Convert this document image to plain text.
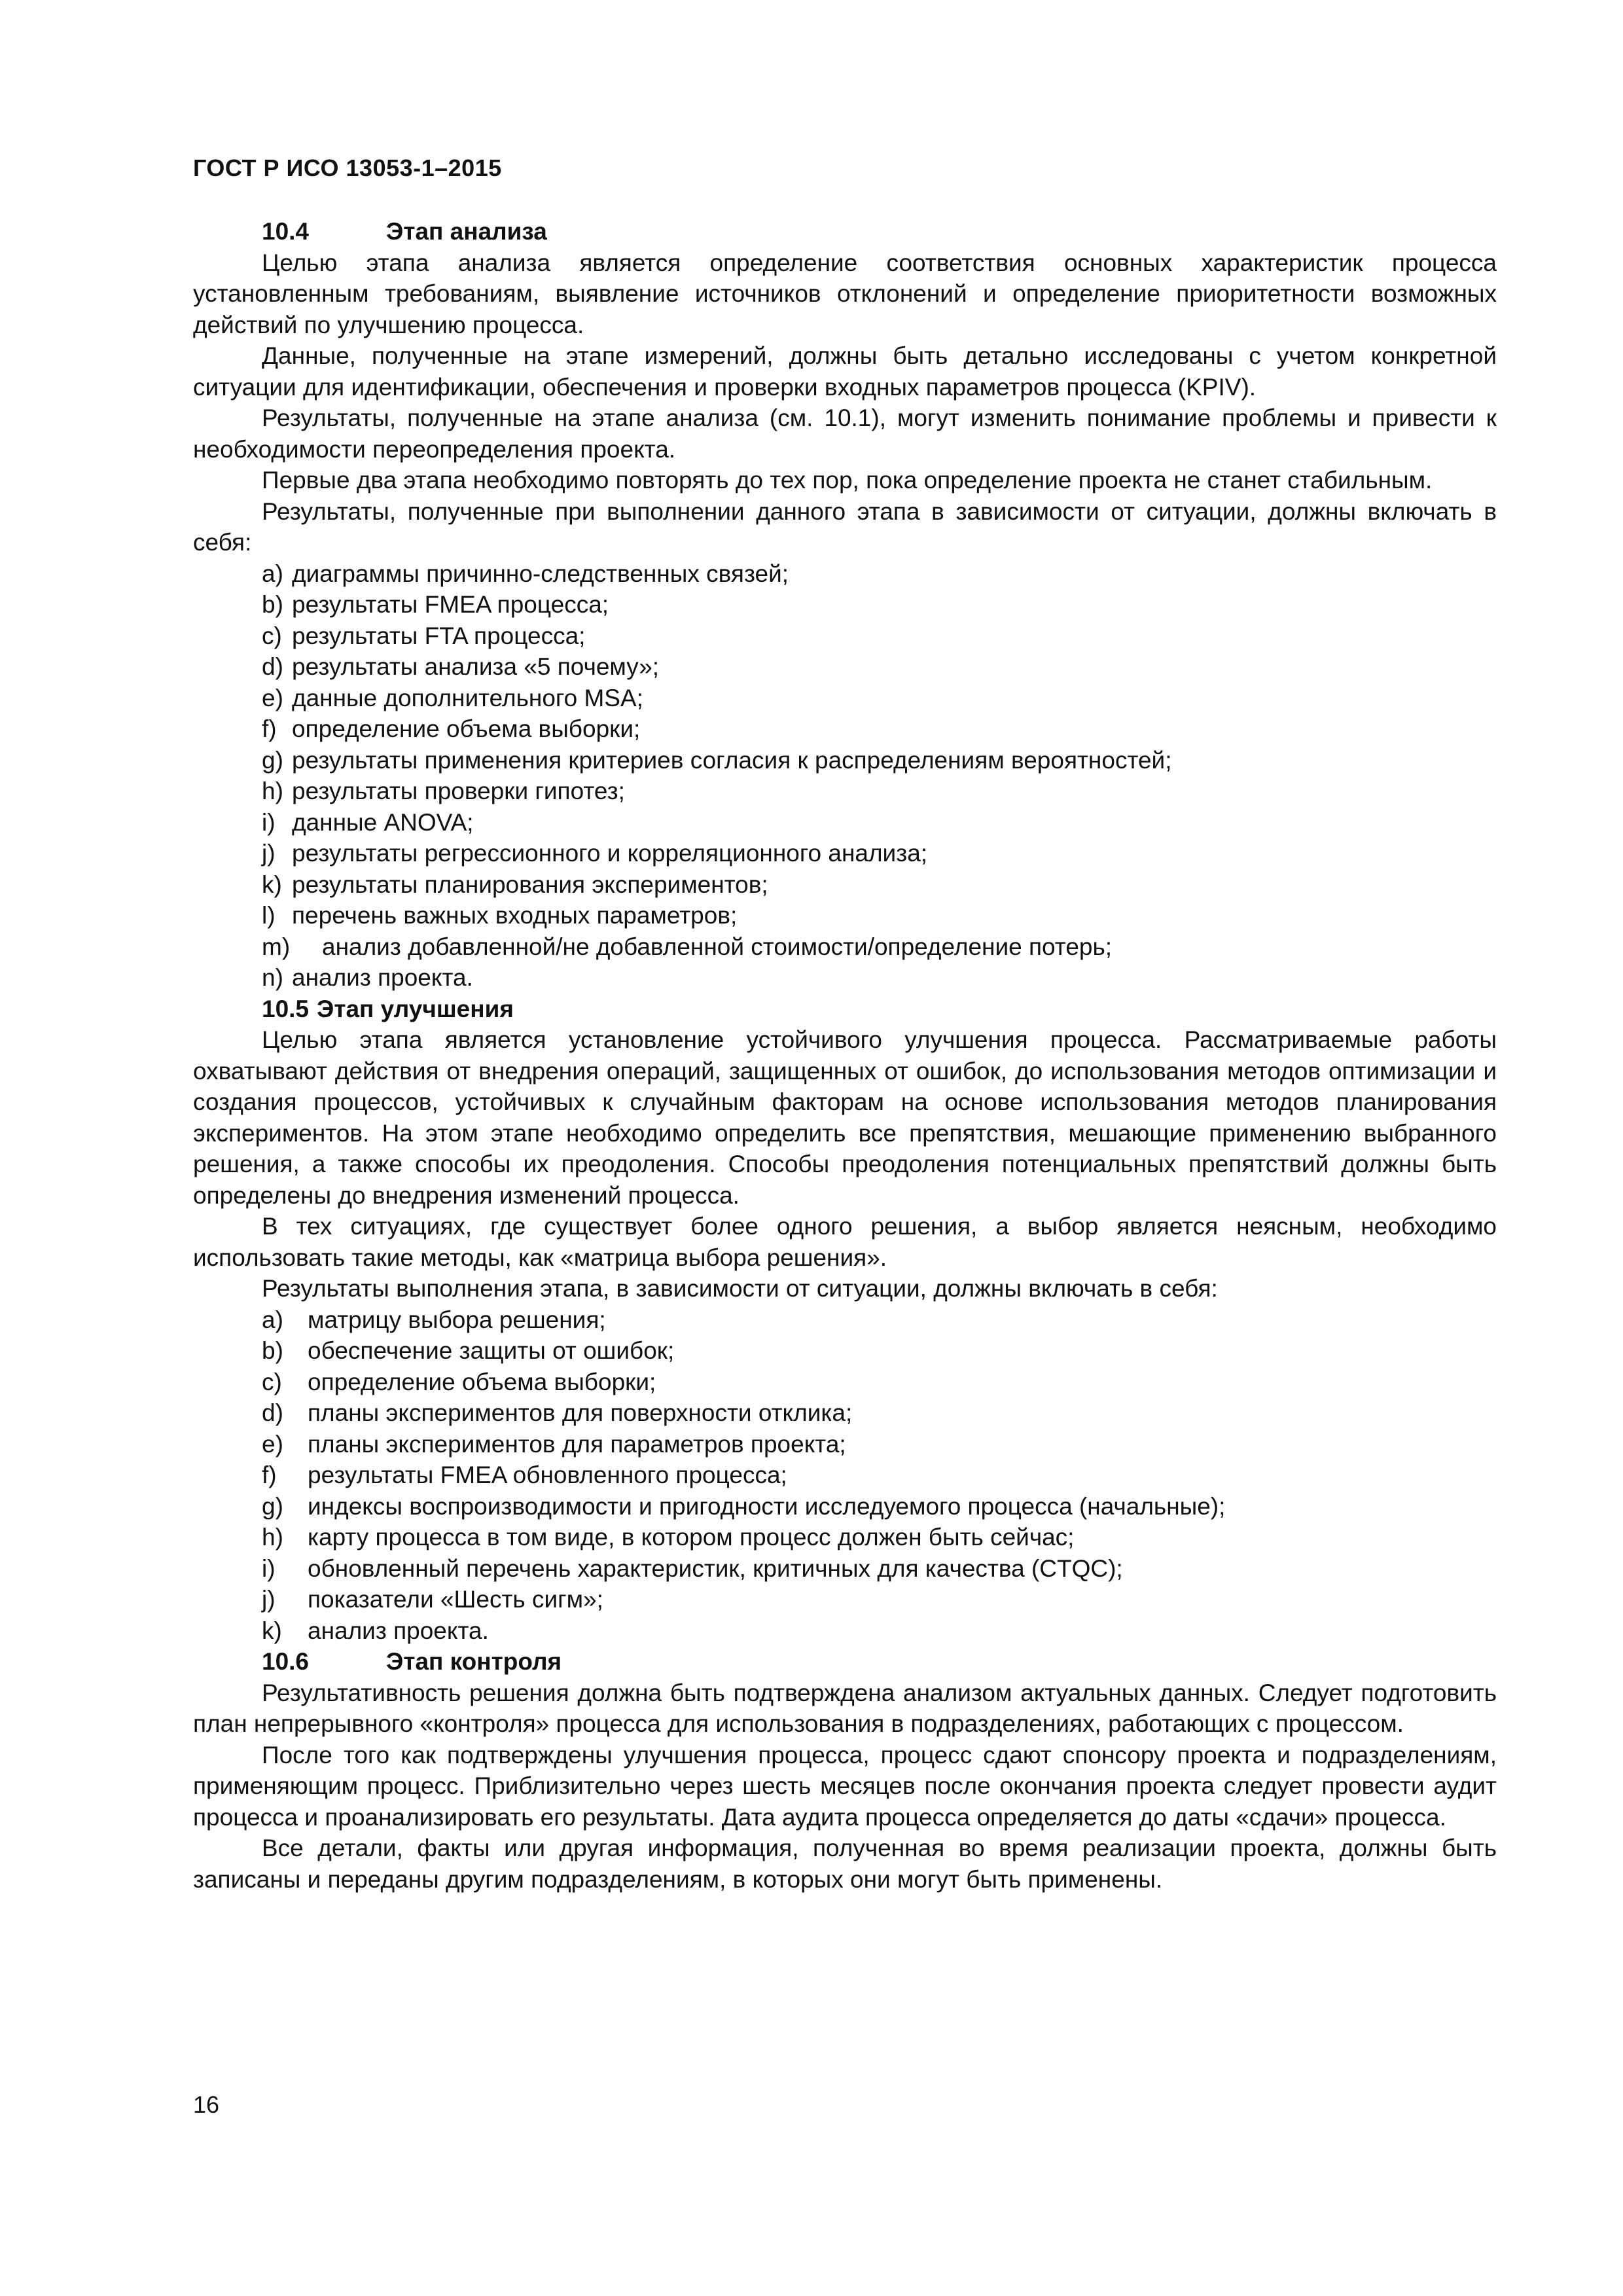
ГОСТ Р ИСО 13053-1–2015
10.4	Этап анализа

Целью этапа анализа является определение соответствия основных характеристик процесса установленным требованиям, выявление источников отклонений и определение приоритетности возможных действий по улучшению процесса.

Данные, полученные на этапе измерений, должны быть детально исследованы с учетом конкретной ситуации для идентификации, обеспечения и проверки входных параметров процесса (KPIV).

Результаты, полученные на этапе анализа (см. 10.1), могут изменить понимание проблемы и привести к необходимости переопределения проекта.

Первые два этапа необходимо повторять до тех пор, пока определение проекта не станет стабильным.

Результаты, полученные при выполнении данного этапа в зависимости от ситуации, должны включать в себя:

a) диаграммы причинно-следственных связей;
b) результаты FMEA процесса;
c) результаты FTA процесса;
d) результаты анализа «5 почему»;
e) данные дополнительного MSA;
f) определение объема выборки;
g) результаты применения критериев согласия к распределениям вероятностей;
h) результаты проверки гипотез;
i) данные ANOVA;
j) результаты регрессионного и корреляционного анализа;
k) результаты планирования экспериментов;
l) перечень важных входных параметров;
m) анализ добавленной/не добавленной стоимости/определение потерь;
n) анализ проекта.
10.5 Этап улучшения

Целью этапа является установление устойчивого улучшения процесса. Рассматриваемые работы охватывают действия от внедрения операций, защищенных от ошибок, до использования методов оптимизации и создания процессов, устойчивых к случайным факторам на основе использования методов планирования экспериментов. На этом этапе необходимо определить все препятствия, мешающие применению выбранного решения, а также способы их преодоления. Способы преодоления потенциальных препятствий должны быть определены до внедрения изменений процесса.

В тех ситуациях, где существует более одного решения, а выбор является неясным, необходимо использовать такие методы, как «матрица выбора решения».

Результаты выполнения этапа, в зависимости от ситуации, должны включать в себя:

a) матрицу выбора решения;
b) обеспечение защиты от ошибок;
c) определение объема выборки;
d) планы экспериментов для поверхности отклика;
e) планы экспериментов для параметров проекта;
f) результаты FMEA обновленного процесса;
g) индексы воспроизводимости и пригодности исследуемого процесса (начальные);
h) карту процесса в том виде, в котором процесс должен быть сейчас;
i) обновленный перечень характеристик, критичных для качества (CTQC);
j) показатели «Шесть сигм»;
k) анализ проекта.
10.6	Этап контроля

Результативность решения должна быть подтверждена анализом актуальных данных. Следует подготовить план непрерывного «контроля» процесса для использования в подразделениях, работающих с процессом.

После того как подтверждены улучшения процесса, процесс сдают спонсору проекта и подразделениям, применяющим процесс. Приблизительно через шесть месяцев после окончания проекта следует провести аудит процесса и проанализировать его результаты. Дата аудита процесса определяется до даты «сдачи» процесса.

Все детали, факты или другая информация, полученная во время реализации проекта, должны быть записаны и переданы другим подразделениям, в которых они могут быть применены.

16
